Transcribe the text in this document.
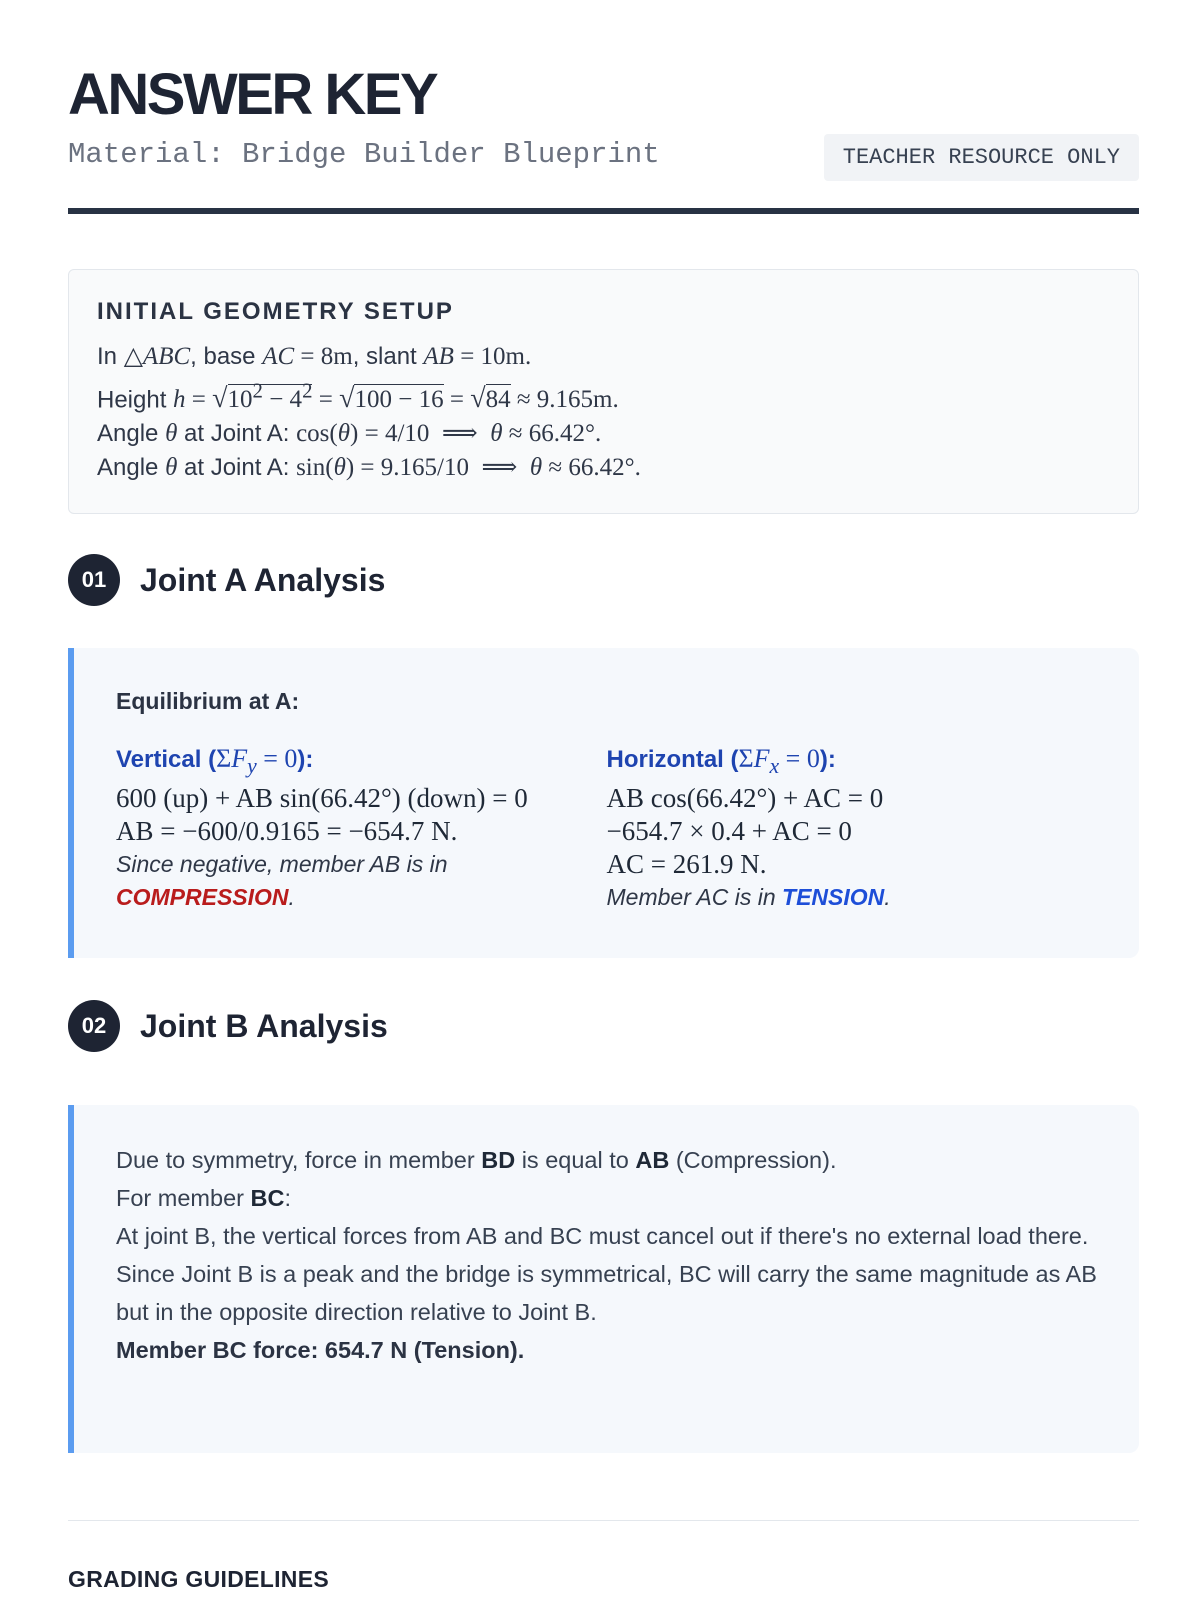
ANSWER KEY
Material: Bridge Builder Blueprint	TEACHER RESOURCE ONLY
INITIAL GEOMETRY SETUP
In △ABC, base AC = 8m, slant AB = 10m.
Height $h = √10^2 - 4^2 = √100 - 16 = √84 \approx 9.165m$.
Angle θ at Joint A: cos(θ) = 4/10  ⟹  θ ≈ 66.42°.
Angle θ at Joint A: sin(θ) = 9.165/10  ⟹  θ ≈ 66.42°.
01	Joint A Analysis
Equilibrium at A:
Vertical $(\Sigma F_y = 0)$:
600 (up) + AB sin(66.42°) (down) = 0
AB = −600/0.9165 = −654.7 N.
Since negative, member AB is in
COMPRESSION.
Horizontal $(\Sigma F_x = 0)$:
AB cos(66.42°) + AC = 0
−654.7 × 0.4 + AC = 0
AC = 261.9 N.
Member AC is in TENSION.
02	Joint B Analysis
Due to symmetry, force in member BD is equal to AB (Compression).
For member BC:
At joint B, the vertical forces from AB and BC must cancel out if there's no external load there.
Since Joint B is a peak and the bridge is symmetrical, BC will carry the same magnitude as AB but in the opposite direction relative to Joint B.
Member BC force: 654.7 N (Tension).
GRADING GUIDELINES
